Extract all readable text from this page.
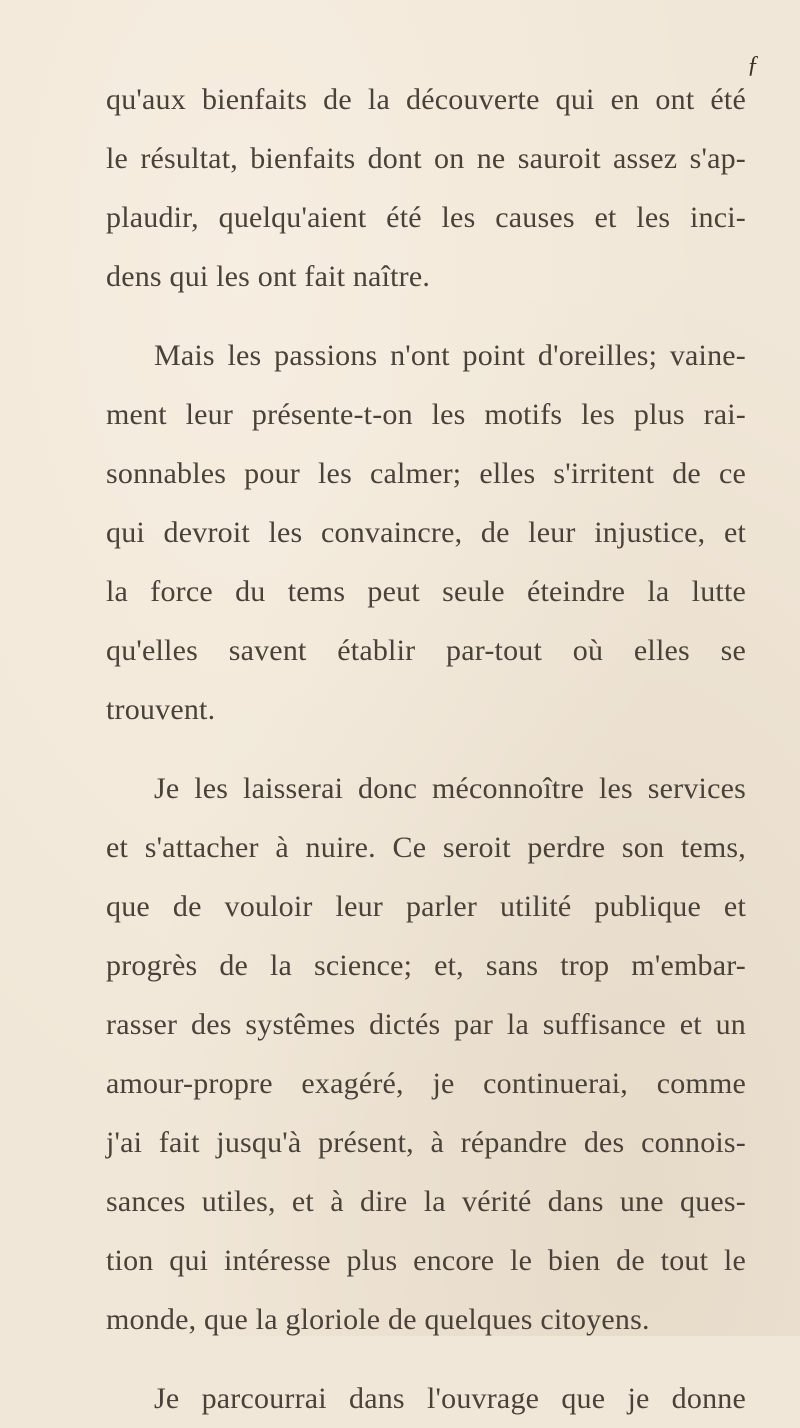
ƒ
qu'aux bienfaits de la découverte qui en ont été
le résultat, bienfaits dont on ne sauroit assez s'ap-
plaudir, quelqu'aient été les causes et les inci-
dens qui les ont fait naître.
Mais les passions n'ont point d'oreilles; vaine-
ment leur présente-t-on les motifs les plus rai-
sonnables pour les calmer; elles s'irritent de ce
qui devroit les convaincre, de leur injustice, et
la force du tems peut seule éteindre la lutte
qu'elles savent établir par-tout où elles se
trouvent.
Je les laisserai donc méconnoître les services
et s'attacher à nuire. Ce seroit perdre son tems,
que de vouloir leur parler utilité publique et
progrès de la science; et, sans trop m'embar-
rasser des systêmes dictés par la suffisance et un
amour-propre exagéré, je continuerai, comme
j'ai fait jusqu'à présent, à répandre des connois-
sances utiles, et à dire la vérité dans une ques-
tion qui intéresse plus encore le bien de tout le
monde, que la gloriole de quelques citoyens.
Je parcourrai dans l'ouvrage que je donne
